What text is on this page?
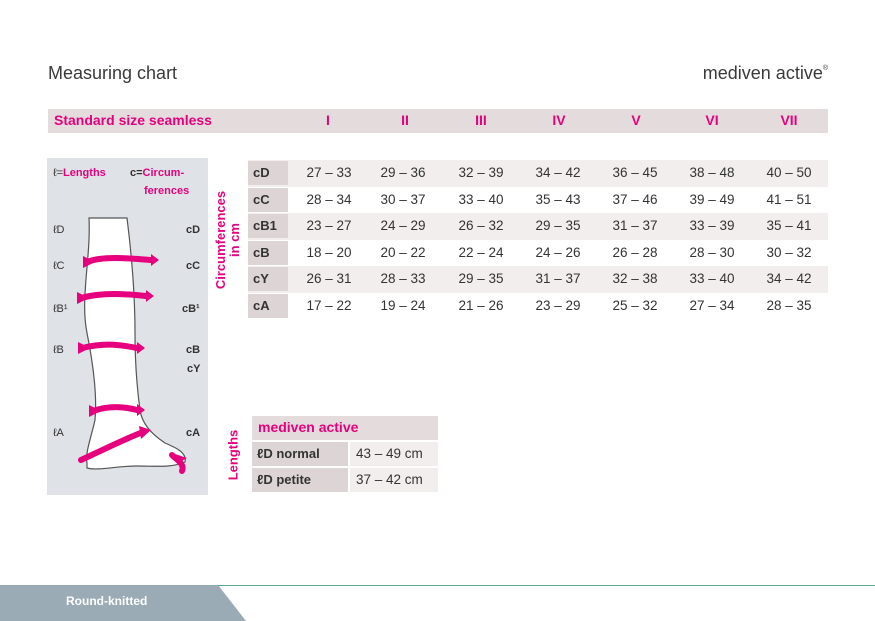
Measuring chart	mediven active®
Standard size seamless	I	II	III	IV	V	VI	VII
ℓ=Lengths c=Circum-
ferences
ℓD
ℓC
ℓB¹
ℓB
ℓA
cD
cC
cB¹
cB
cY
cA
Circumferences
in cm
cD	27 – 33	29 – 36	32 – 39	34 – 42	36 – 45	38 – 48	40 – 50
cC	28 – 34	30 – 37	33 – 40	35 – 43	37 – 46	39 – 49	41 – 51
cB1	23 – 27	24 – 29	26 – 32	29 – 35	31 – 37	33 – 39	35 – 41
cB	18 – 20	20 – 22	22 – 24	24 – 26	26 – 28	28 – 30	30 – 32
cY	26 – 31	28 – 33	29 – 35	31 – 37	32 – 38	33 – 40	34 – 42
cA	17 – 22	19 – 24	21 – 26	23 – 29	25 – 32	27 – 34	28 – 35
Lengths
mediven active
ℓD normal	43 – 49 cm
ℓD petite	37 – 42 cm
Round-knitted
